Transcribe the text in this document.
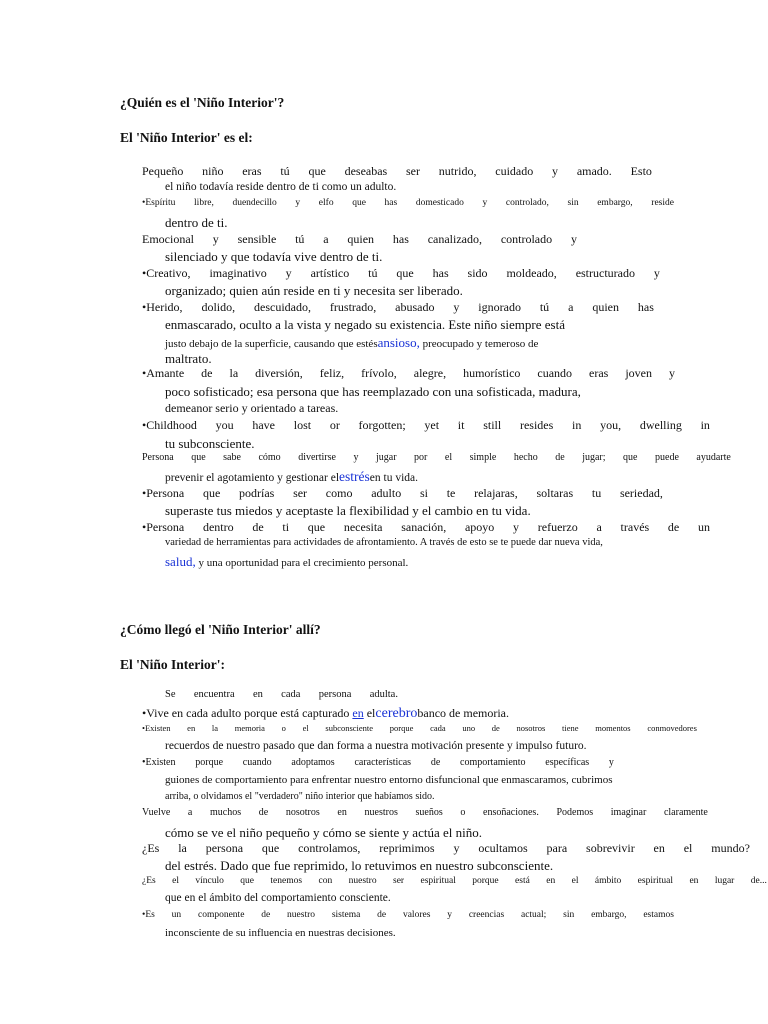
¿Quién es el 'Niño Interior'?
El 'Niño Interior' es el:
¿Cómo llegó el 'Niño Interior' allí?
El 'Niño Interior':
Pequeño niño eras tú que deseabas ser nutrido, cuidado y amado. Esto
el niño todavía reside dentro de ti como un adulto.
•Espíritu libre, duendecillo y elfo que has domesticado y controlado, sin embargo, reside
dentro de ti.
Emocional y sensible tú a quien has canalizado, controlado y
silenciado y que todavía vive dentro de ti.
•Creativo, imaginativo y artístico tú que has sido moldeado, estructurado y
organizado; quien aún reside en ti y necesita ser liberado.
•Herido, dolido, descuidado, frustrado, abusado y ignorado tú a quien has
enmascarado, oculto a la vista y negado su existencia. Este niño siempre está
justo debajo de la superficie, causando que estésansioso, preocupado y temeroso de
maltrato.
•Amante de la diversión, feliz, frívolo, alegre, humorístico cuando eras joven y
poco sofisticado; esa persona que has reemplazado con una sofisticada, madura,
demeanor serio y orientado a tareas.
•Childhood you have lost or forgotten; yet it still resides in you, dwelling in
tu subconsciente.
Persona que sabe cómo divertirse y jugar por el simple hecho de jugar; que puede ayudarte
prevenir el agotamiento y gestionar elestrésen tu vida.
•Persona que podrías ser como adulto si te relajaras, soltaras tu seriedad,
superaste tus miedos y aceptaste la flexibilidad y el cambio en tu vida.
•Persona dentro de ti que necesita sanación, apoyo y refuerzo a través de un
variedad de herramientas para actividades de afrontamiento. A través de esto se te puede dar nueva vida,
salud, y una oportunidad para el crecimiento personal.
Se encuentra en cada persona adulta.
•Vive en cada adulto porque está capturado en elcerebrobanco de memoria.
•Existen en la memoria o el subconsciente porque cada uno de nosotros tiene momentos conmovedores
recuerdos de nuestro pasado que dan forma a nuestra motivación presente y impulso futuro.
•Existen porque cuando adoptamos características de comportamiento específicas y
guiones de comportamiento para enfrentar nuestro entorno disfuncional que enmascaramos, cubrimos
arriba, o olvidamos el "verdadero" niño interior que habíamos sido.
Vuelve a muchos de nosotros en nuestros sueños o ensoñaciones. Podemos imaginar claramente
cómo se ve el niño pequeño y cómo se siente y actúa el niño.
¿Es la persona que controlamos, reprimimos y ocultamos para sobrevivir en el mundo?
del estrés. Dado que fue reprimido, lo retuvimos en nuestro subconsciente.
¿Es el vínculo que tenemos con nuestro ser espiritual porque está en el ámbito espiritual en lugar de...
que en el ámbito del comportamiento consciente.
•Es un componente de nuestro sistema de valores y creencias actual; sin embargo, estamos
inconsciente de su influencia en nuestras decisiones.
